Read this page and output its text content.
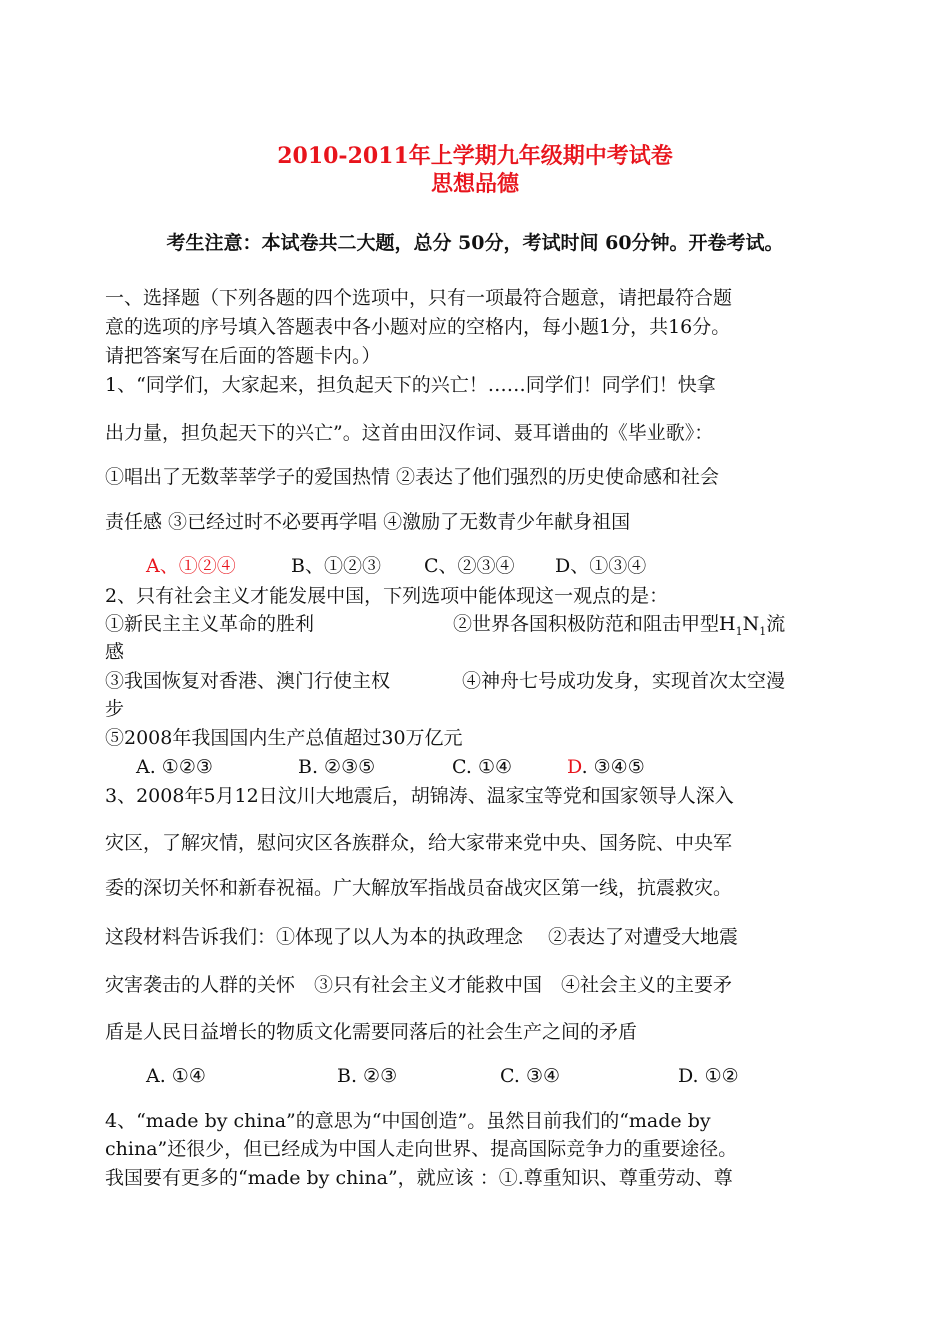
2010-2011年上学期九年级期中考试卷
思想品德
考生注意：本试卷共二大题，总分 50分，考试时间 60分钟。开卷考试。
一、选择题（下列各题的四个选项中，只有一项最符合题意，请把最符合题
意的选项的序号填入答题表中各小题对应的空格内，每小题1分，共16分。
请把答案写在后面的答题卡内。）
1、“同学们，大家起来，担负起天下的兴亡！……同学们！同学们！快拿
出力量，担负起天下的兴亡”。这首由田汉作词、聂耳谱曲的《毕业歌》：
①唱出了无数莘莘学子的爱国热情 ②表达了他们强烈的历史使命感和社会
责任感 ③已经过时不必要再学唱 ④激励了无数青少年献身祖国
A、①②④	B、①②③ C、②③④ D、①③④
2、只有社会主义才能发展中国，下列选项中能体现这一观点的是：
①新民主主义革命的胜利	②世界各国积极防范和阻击甲型$H_1N_1$流
感
③我国恢复对香港、澳门行使主权	④神舟七号成功发身，实现首次太空漫
步
⑤2008年我国国内生产总值超过30万亿元
A. ①②③	B. ②③⑤	C. ①④	D. ③④⑤
3、2008年5月12日汶川大地震后，胡锦涛、温家宝等党和国家领导人深入
灾区，了解灾情，慰问灾区各族群众，给大家带来党中央、国务院、中央军
委的深切关怀和新春祝福。广大解放军指战员奋战灾区第一线，抗震救灾。
这段材料告诉我们：①体现了以人为本的执政理念　 ②表达了对遭受大地震
灾害袭击的人群的关怀　③只有社会主义才能救中国　④社会主义的主要矛
盾是人民日益增长的物质文化需要同落后的社会生产之间的矛盾
A. ①④	B. ②③	C. ③④	D. ①②
4、“made by china”的意思为“中国创造”。虽然目前我们的“made by
china”还很少，但已经成为中国人走向世界、提高国际竞争力的重要途径。
我国要有更多的“made by china”，就应该 ：①.尊重知识、尊重劳动、尊
